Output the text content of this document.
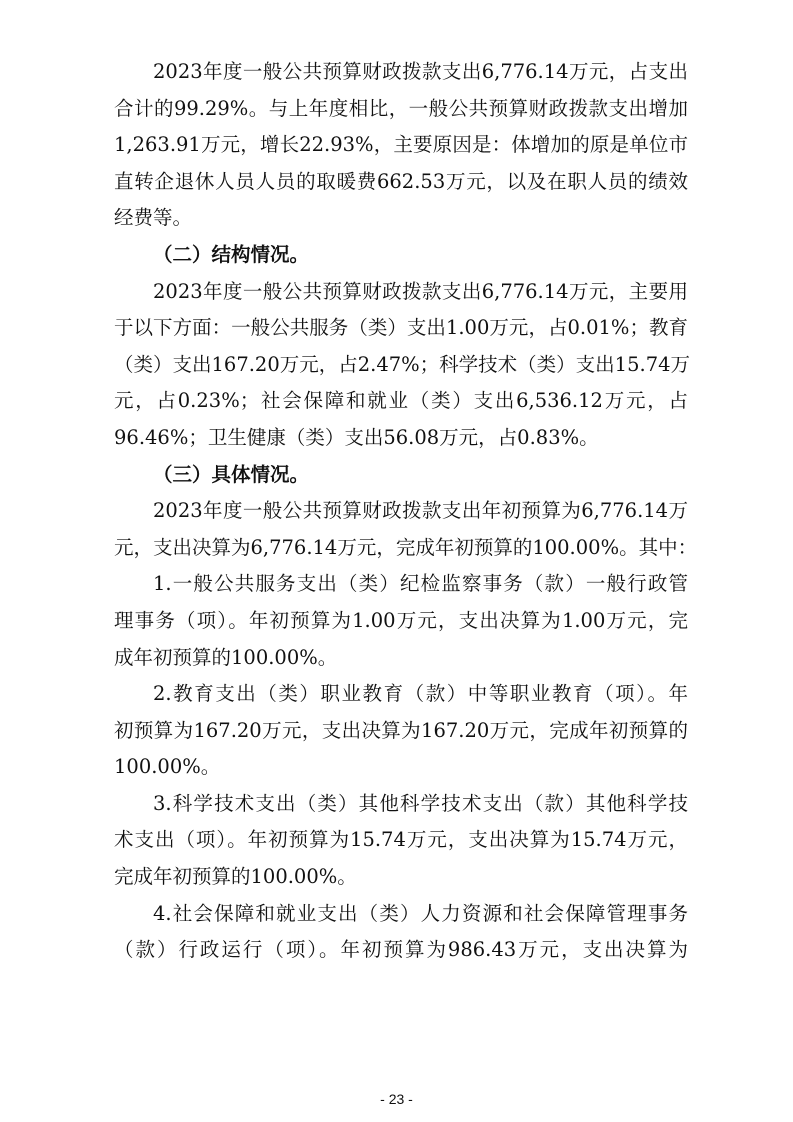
2023年度一般公共预算财政拨款支出6,776.14万元，占支出
合计的99.29%。与上年度相比，一般公共预算财政拨款支出增加
1,263.91万元，增长22.93%，主要原因是：体增加的原是单位市
直转企退休人员人员的取暖费662.53万元，以及在职人员的绩效
经费等。
（二）结构情况。
2023年度一般公共预算财政拨款支出6,776.14万元，主要用
于以下方面：一般公共服务（类）支出1.00万元，占0.01%；教育
（类）支出167.20万元，占2.47%；科学技术（类）支出15.74万
元，占0.23%；社会保障和就业（类）支出6,536.12万元，占
96.46%；卫生健康（类）支出56.08万元，占0.83%。
（三）具体情况。
2023年度一般公共预算财政拨款支出年初预算为6,776.14万
元，支出决算为6,776.14万元，完成年初预算的100.00%。其中：
1.一般公共服务支出（类）纪检监察事务（款）一般行政管
理事务（项）。年初预算为1.00万元，支出决算为1.00万元，完
成年初预算的100.00%。
2.教育支出（类）职业教育（款）中等职业教育（项）。年
初预算为167.20万元，支出决算为167.20万元，完成年初预算的
100.00%。
3.科学技术支出（类）其他科学技术支出（款）其他科学技
术支出（项）。年初预算为15.74万元，支出决算为15.74万元，
完成年初预算的100.00%。
4.社会保障和就业支出（类）人力资源和社会保障管理事务
（款）行政运行（项）。年初预算为986.43万元，支出决算为
- 23 -
